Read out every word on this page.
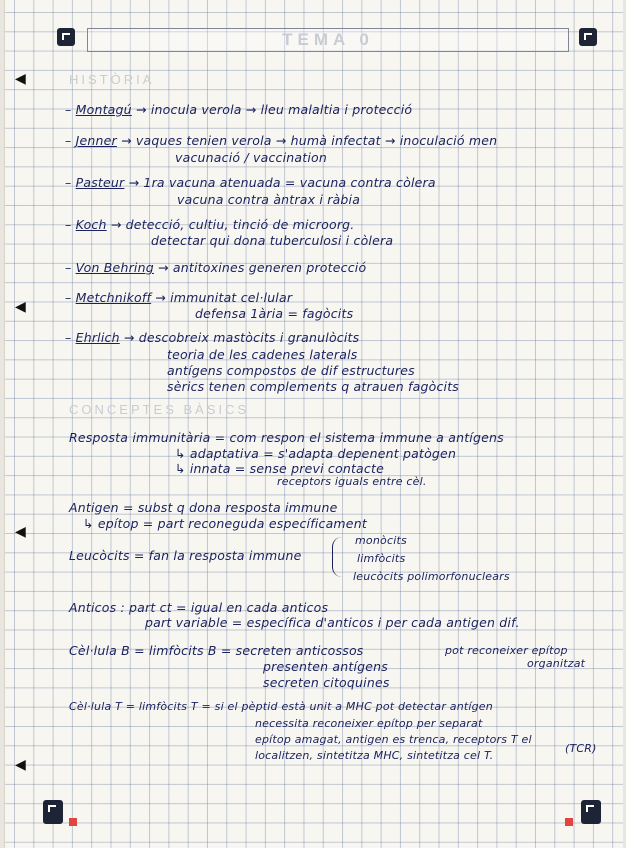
TEMA 0
◀
◀
◀
◀
HISTÒRIA
– Montagú → inocula verola → lleu malaltia i protecció
– Jenner → vaques tenien verola → humà infectat → inoculació men
vacunació / vaccination
– Pasteur → 1ra vacuna atenuada = vacuna contra còlera
vacuna contra àntrax i ràbia
– Koch → detecció, cultiu, tinció de microorg.
detectar qui dona tuberculosi i còlera
– Von Behring → antitoxines generen protecció
– Metchnikoff → immunitat cel·lular
defensa 1ària = fagòcits
– Ehrlich → descobreix mastòcits i granulòcits
teoria de les cadenes laterals
antígens compostos de dif estructures
sèrics tenen complements q atrauen fagòcits
CONCEPTES BÀSICS
Resposta immunitària = com respon el sistema immune a antígens
↳ adaptativa = s'adapta depenent patògen
↳ innata = sense previ contacte
receptors iguals entre cèl.
Antigen = subst q dona resposta immune
↳ epítop = part reconeguda específicament
Leucòcits = fan la resposta immune
monòcits
limfòcits
leucòcits polimorfonuclears
Anticos : part ct = igual en cada anticos
part variable = específica d'anticos i per cada antigen dif.
Cèl·lula B = limfòcits B = secreten anticossos
presenten antígens
secreten citoquines
pot reconeixer epítop
organitzat
Cèl·lula T = limfòcits T = si el pèptid està unit a MHC pot detectar antígen
necessita reconeixer epítop per separat
epítop amagat, antigen es trenca, receptors T el
localitzen, sintetitza MHC, sintetitza cel T.
(TCR)
